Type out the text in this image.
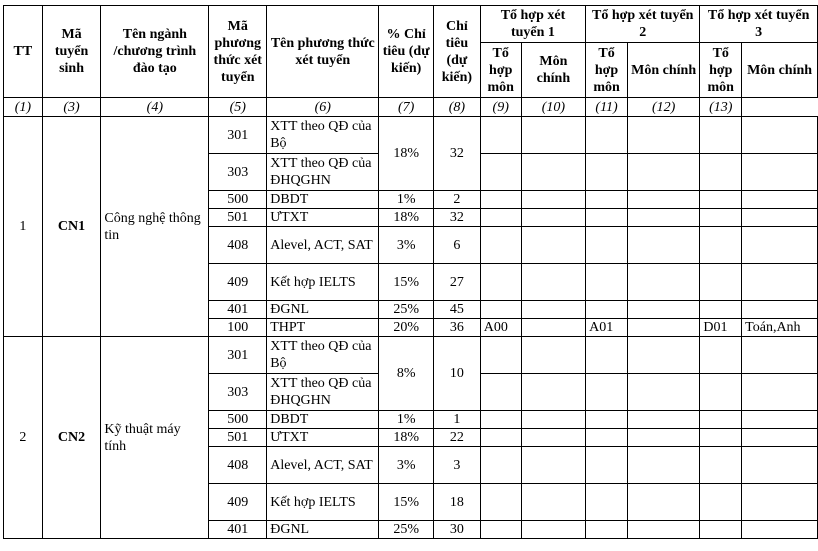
TT	Mã tuyển sinh	Tên ngành /chương trình đào tạo	Mã phương thức xét tuyển	Tên phương thức xét tuyển	% Chỉ tiêu (dự kiến)	Chỉ tiêu (dự kiến)	Tổ hợp xét tuyển 1		Tổ hợp xét tuyển 2		Tổ hợp xét tuyển 3	
							Tổ hợp môn	Môn chính	Tổ hợp môn	Môn chính	Tổ hợp môn	Môn chính
(1)	(3)	(4)	(5)	(6)	(7)	(8)	(9)	(10)	(11)	(12)	(13)	
1	CN1	Công nghệ thông tin	301	XTT theo QĐ của Bộ	18%	32						
			303	XTT theo QĐ của ĐHQGHN								
			500	DBDT	1%	2						
			501	ƯTXT	18%	32						
			408	Alevel, ACT, SAT	3%	6						
			409	Kết hợp IELTS	15%	27						
			401	ĐGNL	25%	45						
			100	THPT	20%	36	A00		A01		D01	Toán,Anh
2	CN2	Kỹ thuật máy tính	301	XTT theo QĐ của Bộ	8%	10						
			303	XTT theo QĐ của ĐHQGHN								
			500	DBDT	1%	1						
			501	ƯTXT	18%	22						
			408	Alevel, ACT, SAT	3%	3						
			409	Kết hợp IELTS	15%	18						
			401	ĐGNL	25%	30						
